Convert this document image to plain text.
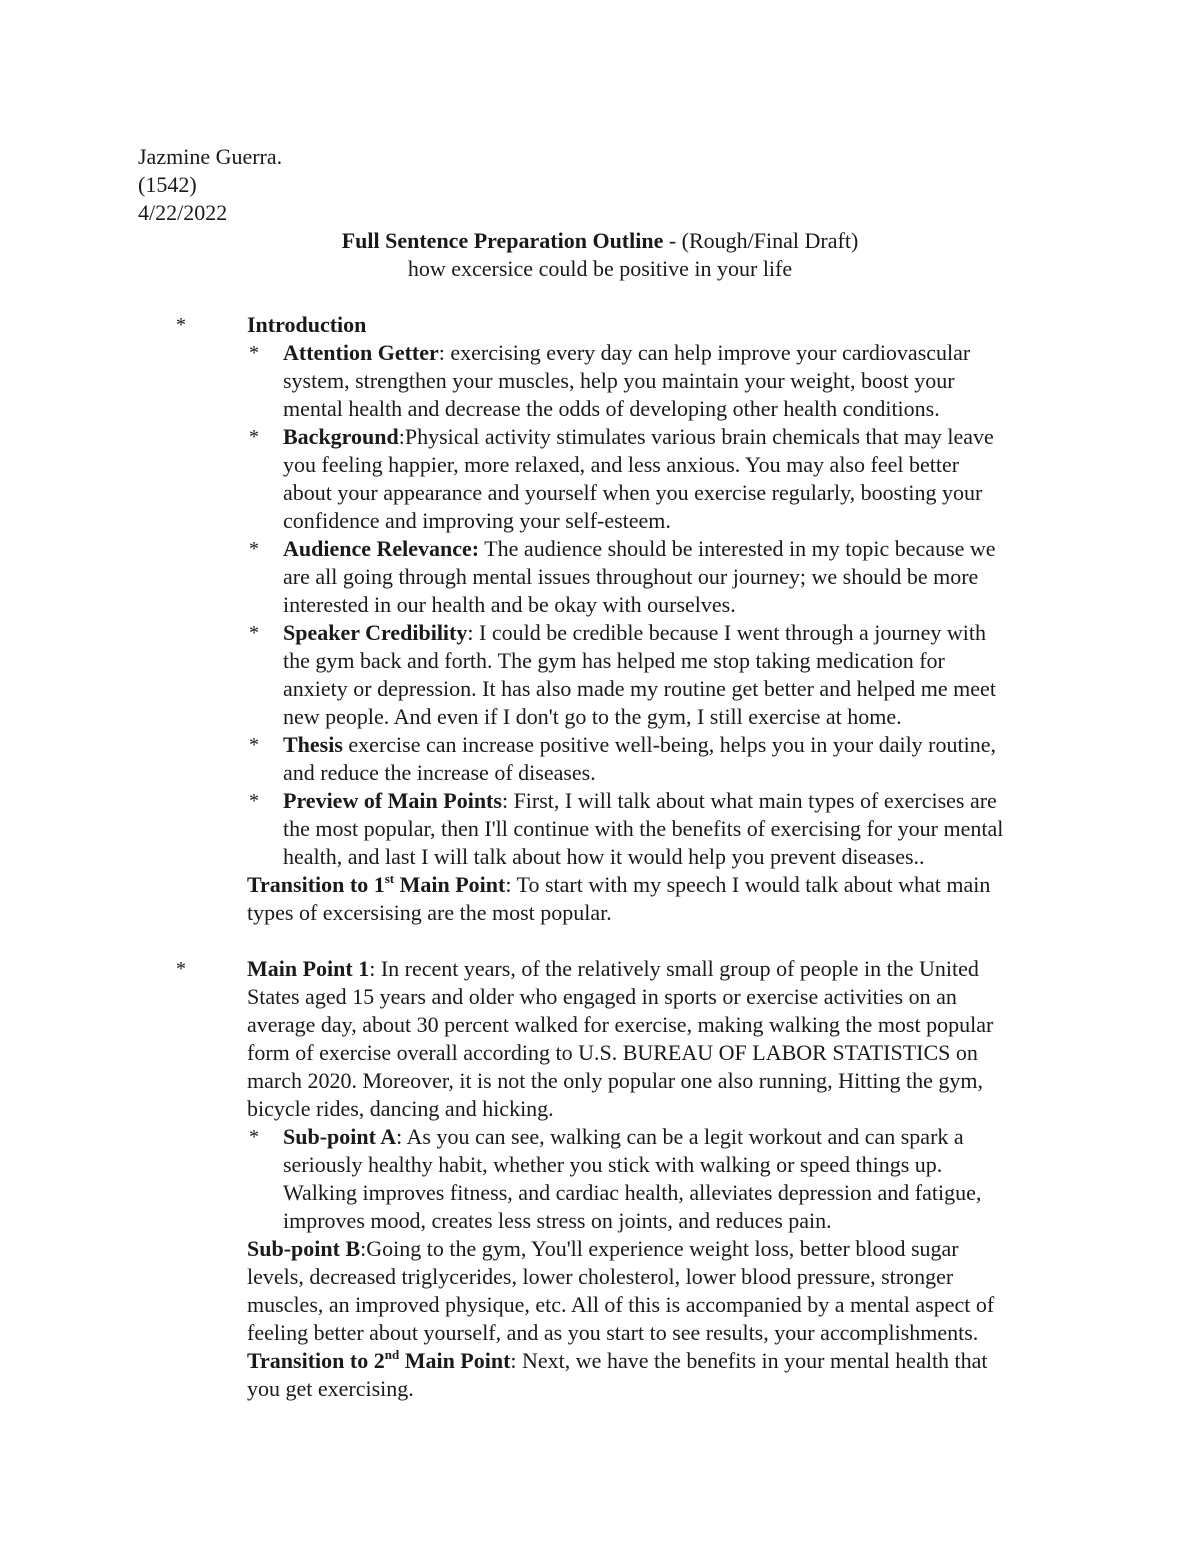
Jazmine Guerra.
(1542)
4/22/2022
Full Sentence Preparation Outline - (Rough/Final Draft)
how excersice could be positive in your life
*	Introduction
* Attention Getter: exercising every day can help improve your cardiovascular
system, strengthen your muscles, help you maintain your weight, boost your
mental health and decrease the odds of developing other health conditions.
* Background:Physical activity stimulates various brain chemicals that may leave
you feeling happier, more relaxed, and less anxious. You may also feel better
about your appearance and yourself when you exercise regularly, boosting your
confidence and improving your self-esteem.
* Audience Relevance: The audience should be interested in my topic because we
are all going through mental issues throughout our journey; we should be more
interested in our health and be okay with ourselves.
* Speaker Credibility: I could be credible because I went through a journey with
the gym back and forth. The gym has helped me stop taking medication for
anxiety or depression. It has also made my routine get better and helped me meet
new people. And even if I don't go to the gym, I still exercise at home.
* Thesis exercise can increase positive well-being, helps you in your daily routine,
and reduce the increase of diseases.
* Preview of Main Points: First, I will talk about what main types of exercises are
the most popular, then I'll continue with the benefits of exercising for your mental
health, and last I will talk about how it would help you prevent diseases..
Transition to 1st Main Point: To start with my speech I would talk about what main
types of excersising are the most popular.
*	Main Point 1: In recent years, of the relatively small group of people in the United
States aged 15 years and older who engaged in sports or exercise activities on an
average day, about 30 percent walked for exercise, making walking the most popular
form of exercise overall according to U.S. BUREAU OF LABOR STATISTICS on
march 2020. Moreover, it is not the only popular one also running, Hitting the gym,
bicycle rides, dancing and hicking.
* Sub-point A: As you can see, walking can be a legit workout and can spark a
seriously healthy habit, whether you stick with walking or speed things up.
Walking improves fitness, and cardiac health, alleviates depression and fatigue,
improves mood, creates less stress on joints, and reduces pain.
Sub-point B:Going to the gym, You'll experience weight loss, better blood sugar
levels, decreased triglycerides, lower cholesterol, lower blood pressure, stronger
muscles, an improved physique, etc. All of this is accompanied by a mental aspect of
feeling better about yourself, and as you start to see results, your accomplishments.
Transition to 2nd Main Point: Next, we have the benefits in your mental health that
you get exercising.
